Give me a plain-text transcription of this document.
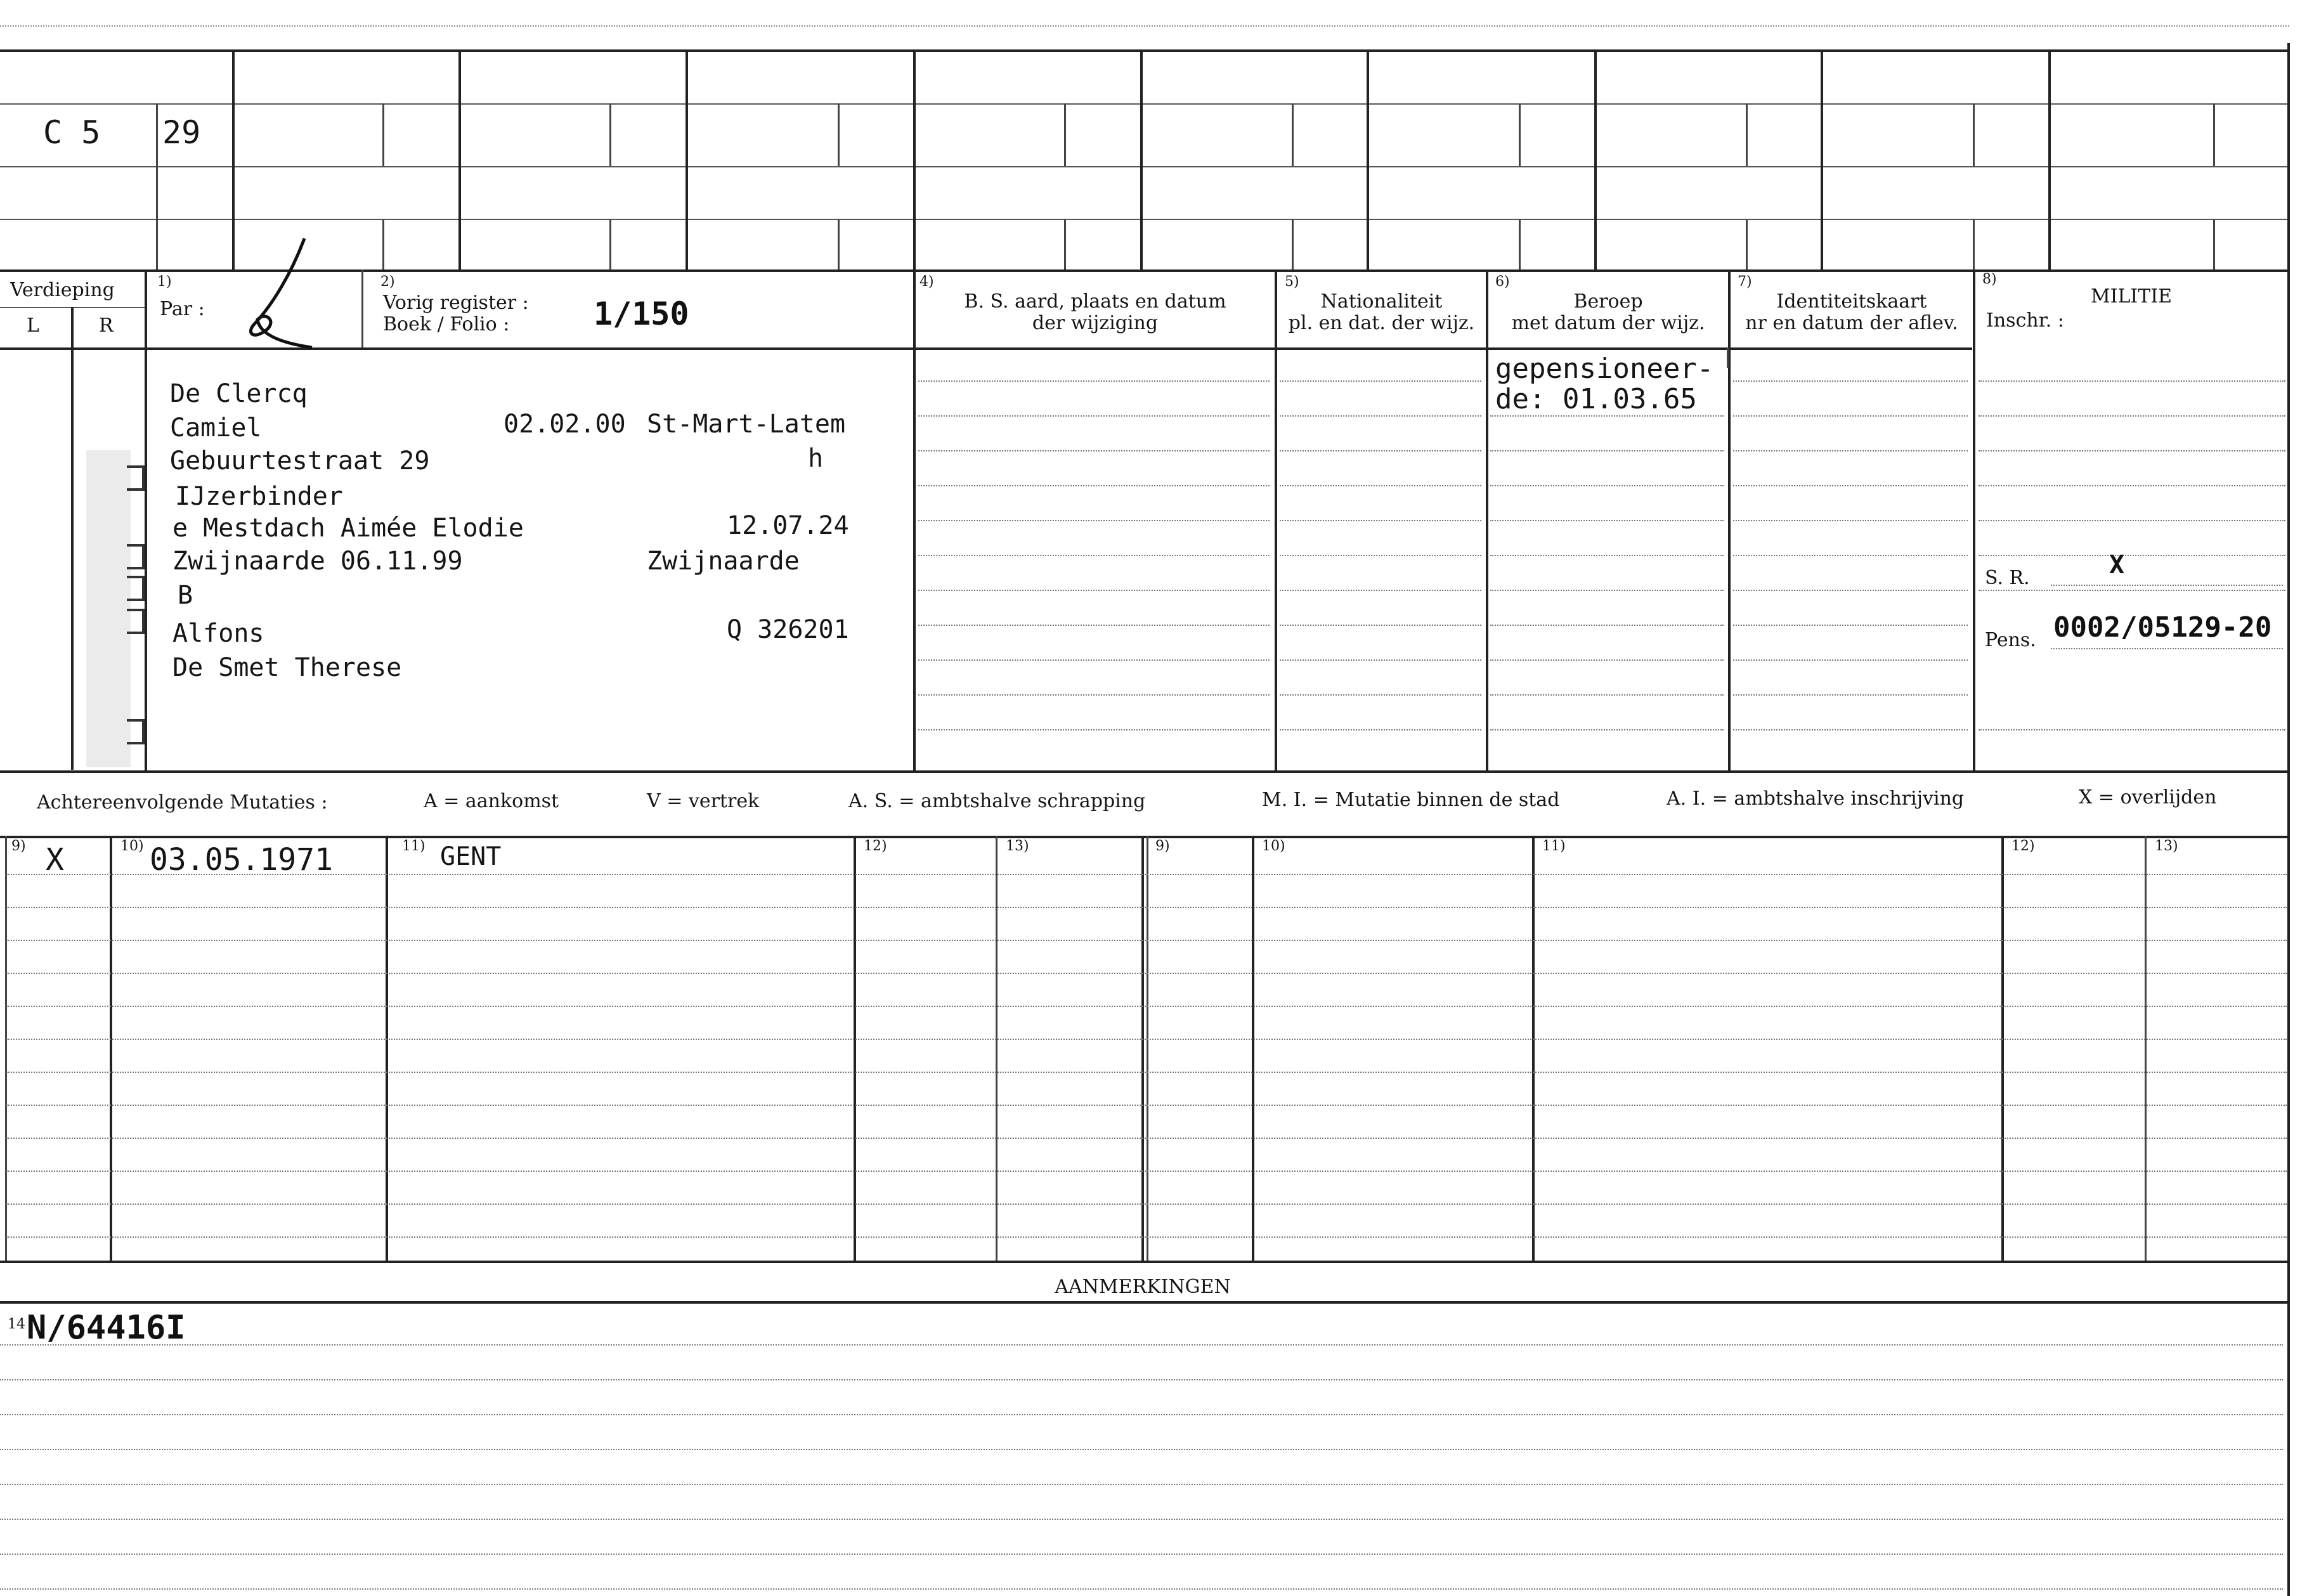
C 5 29
Verdieping
L	R
1)
Par :
2)
Vorig register :
Boek / Folio :	1/150
4)
B. S. aard, plaats en datum
der wijziging
5)
Nationaliteit
pl. en dat. der wijz.
6)
Beroep
met datum der wijz.
7)
Identiteitskaart
nr en datum der aflev.
8)
MILITIE
Inschr. :
De Clercq
Camiel	02.02.00 St-Mart-Latem
Gebuurtestraat 29	h
IJzerbinder
e Mestdach Aimée Elodie	12.07.24
Zwijnaarde 06.11.99	Zwijnaarde
B
Alfons	Q 326201
De Smet Therese
gepensioneer-
de: 01.03.65
S. R.	X
Pens. 0002/05129-20
Achtereenvolgende Mutaties :	A = aankomst	V = vertrek	A. S. = ambtshalve schrapping	M. I. = Mutatie binnen de stad	A. I. = ambtshalve inschrijving	X = overlijden
9)	10)	11)	12)	13)	9)	10)	11)	12)	13)
X	03.05.1971	GENT
AANMERKINGEN
14 N/64416I
